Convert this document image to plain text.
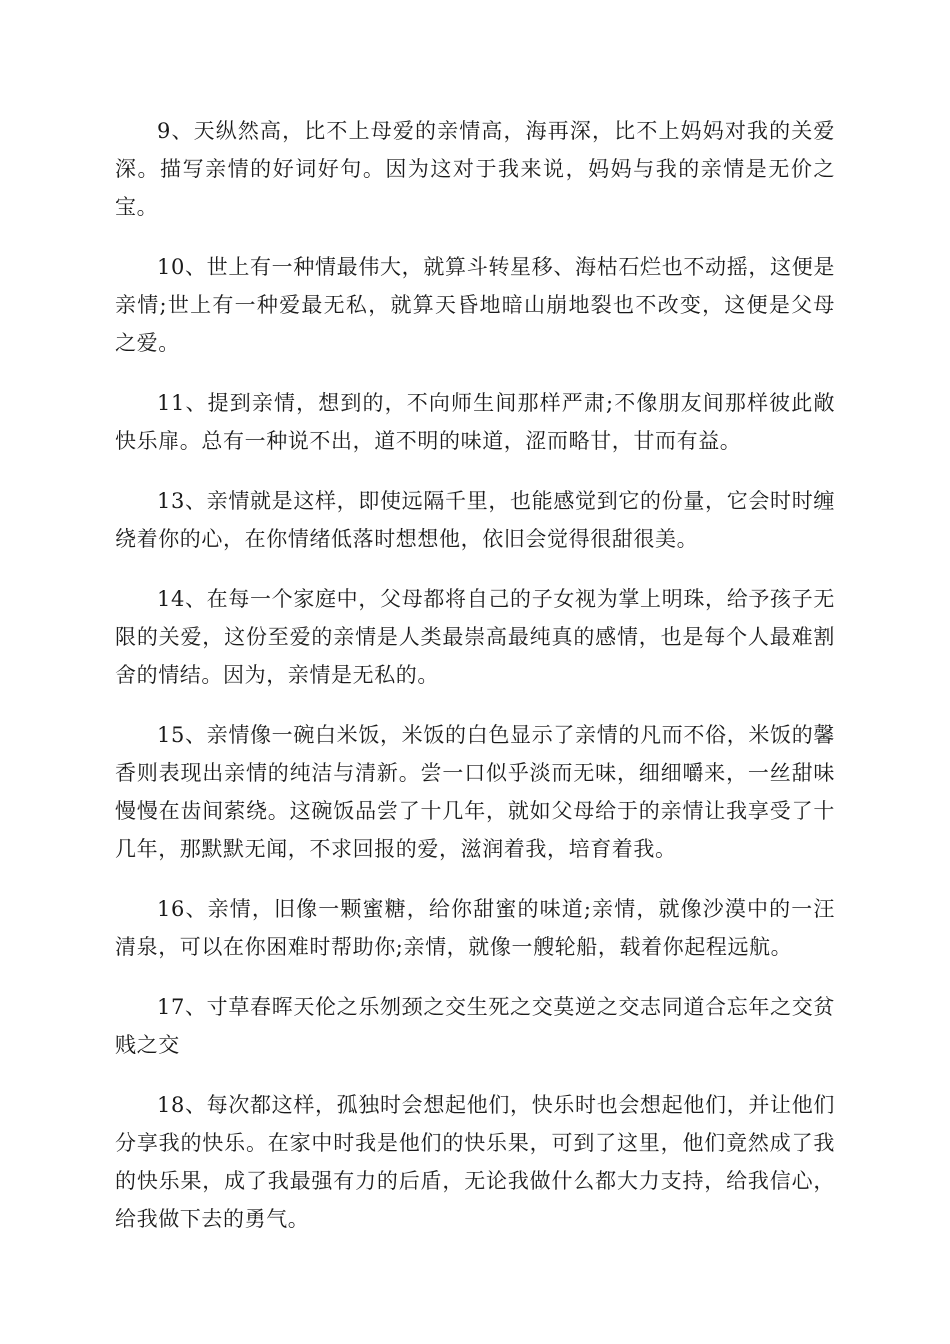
9、天纵然高，比不上母爱的亲情高，海再深，比不上妈妈对我的关爱深。描写亲情的好词好句。因为这对于我来说，妈妈与我的亲情是无价之宝。

10、世上有一种情最伟大，就算斗转星移、海枯石烂也不动摇，这便是亲情;世上有一种爱最无私，就算天昏地暗山崩地裂也不改变，这便是父母之爱。

11、提到亲情，想到的，不向师生间那样严肃;不像朋友间那样彼此敞快乐扉。总有一种说不出，道不明的味道，涩而略甘，甘而有益。

13、亲情就是这样，即使远隔千里，也能感觉到它的份量，它会时时缠绕着你的心，在你情绪低落时想想他，依旧会觉得很甜很美。

14、在每一个家庭中，父母都将自己的子女视为掌上明珠，给予孩子无限的关爱，这份至爱的亲情是人类最崇高最纯真的感情，也是每个人最难割舍的情结。因为，亲情是无私的。

15、亲情像一碗白米饭，米饭的白色显示了亲情的凡而不俗，米饭的馨香则表现出亲情的纯洁与清新。尝一口似乎淡而无味，细细嚼来，一丝甜味慢慢在齿间萦绕。这碗饭品尝了十几年，就如父母给于的亲情让我享受了十几年，那默默无闻，不求回报的爱，滋润着我，培育着我。

16、亲情，旧像一颗蜜糖，给你甜蜜的味道;亲情，就像沙漠中的一汪清泉，可以在你困难时帮助你;亲情，就像一艘轮船，载着你起程远航。

17、寸草春晖天伦之乐刎颈之交生死之交莫逆之交志同道合忘年之交贫贱之交

18、每次都这样，孤独时会想起他们，快乐时也会想起他们，并让他们分享我的快乐。在家中时我是他们的快乐果，可到了这里，他们竟然成了我的快乐果，成了我最强有力的后盾，无论我做什么都大力支持，给我信心，给我做下去的勇气。
